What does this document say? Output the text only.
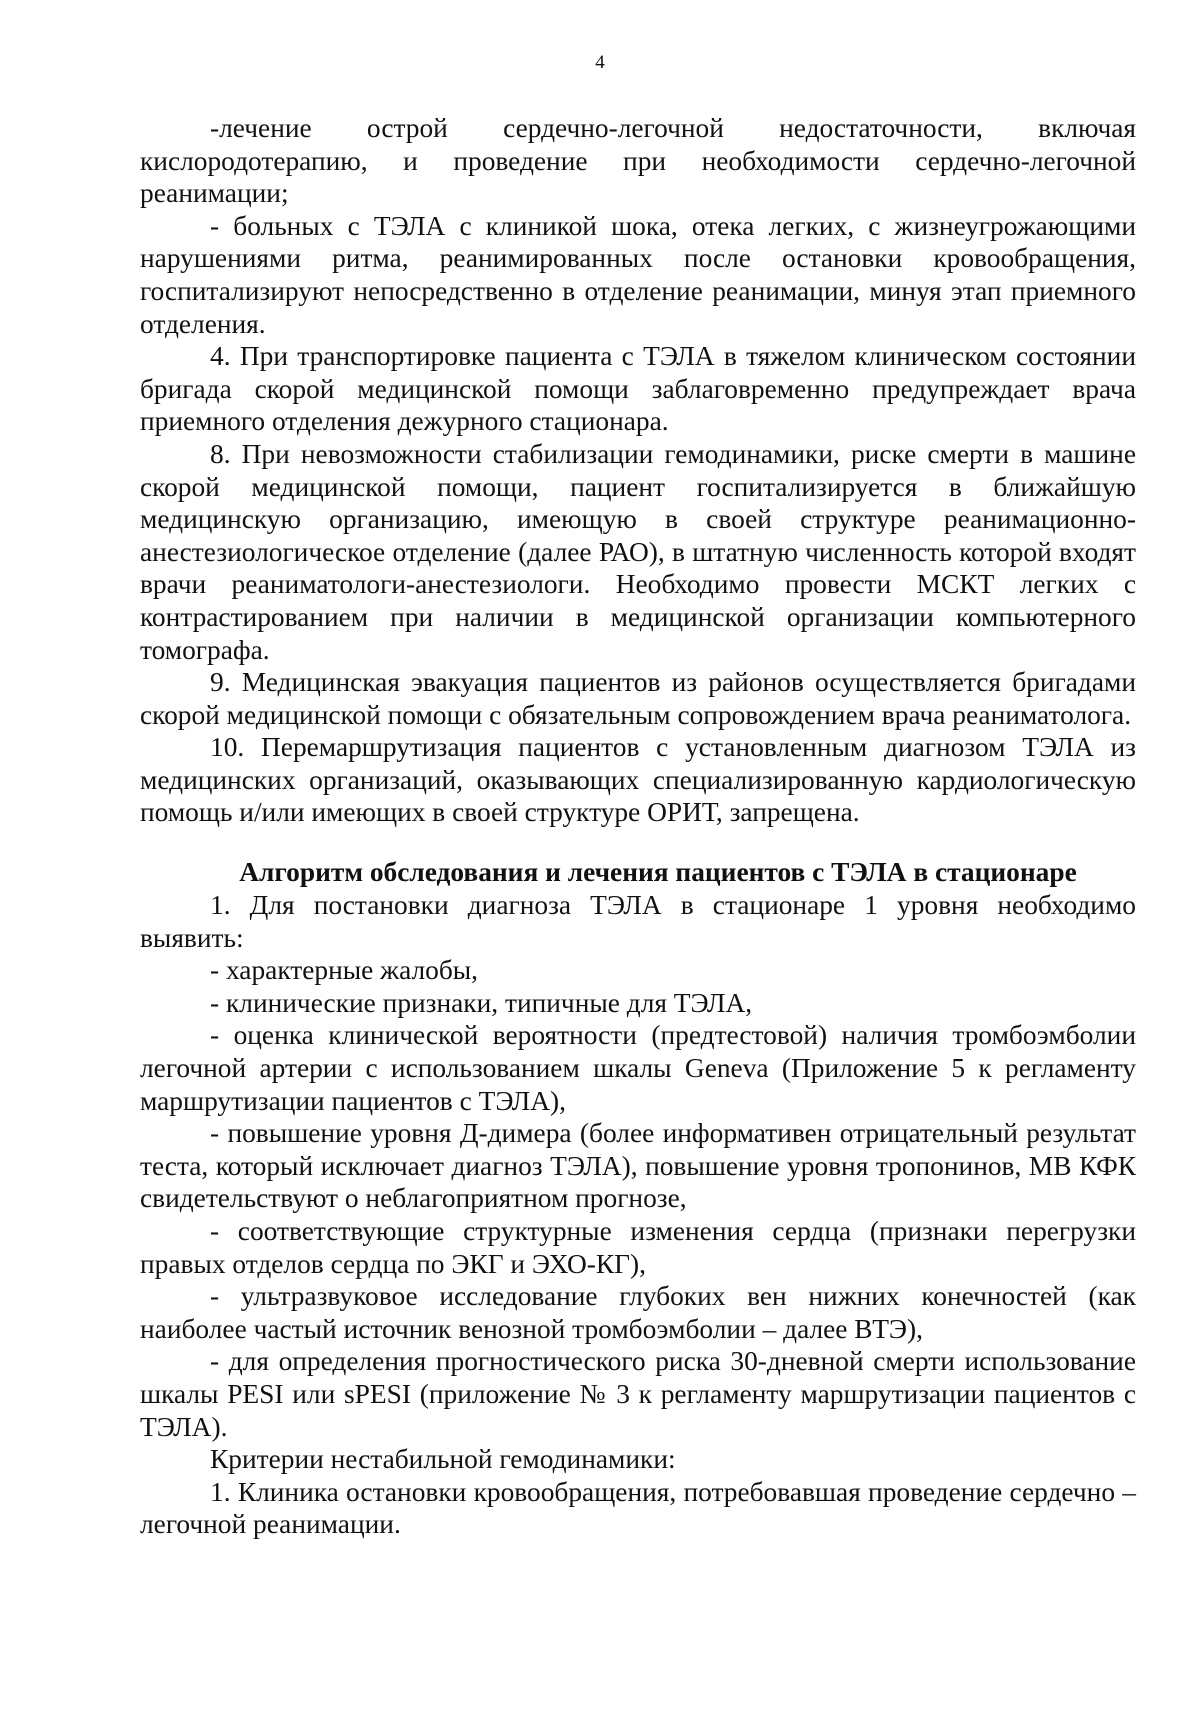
4

-лечение острой сердечно-легочной недостаточности, включая кислородотерапию, и проведение при необходимости сердечно-легочной реанимации;

- больных с ТЭЛА с клиникой шока, отека легких, с жизнеугрожающими нарушениями ритма, реанимированных после остановки кровообращения, госпитализируют непосредственно в отделение реанимации, минуя этап приемного отделения.

4. При транспортировке пациента с ТЭЛА в тяжелом клиническом состоянии бригада скорой медицинской помощи заблаговременно предупреждает врача приемного отделения дежурного стационара.

8. При невозможности стабилизации гемодинамики, риске смерти в машине скорой медицинской помощи, пациент госпитализируется в ближайшую медицинскую организацию, имеющую в своей структуре реанимационно-анестезиологическое отделение (далее РАО), в штатную численность которой входят врачи реаниматологи-анестезиологи. Необходимо провести МСКТ легких с контрастированием при наличии в медицинской организации компьютерного томографа.

9. Медицинская эвакуация пациентов из районов осуществляется бригадами скорой медицинской помощи с обязательным сопровождением врача реаниматолога.

10. Перемаршрутизация пациентов с установленным диагнозом ТЭЛА из медицинских организаций, оказывающих специализированную кардиологическую помощь и/или имеющих в своей структуре ОРИТ, запрещена.

Алгоритм обследования и лечения пациентов с ТЭЛА в стационаре

1. Для постановки диагноза ТЭЛА в стационаре 1 уровня необходимо выявить:

- характерные жалобы,

- клинические признаки, типичные для ТЭЛА,

- оценка клинической вероятности (предтестовой) наличия тромбоэмболии легочной артерии с использованием шкалы Geneva (Приложение 5 к регламенту маршрутизации пациентов с ТЭЛА),

- повышение уровня Д-димера (более информативен отрицательный результат теста, который исключает диагноз ТЭЛА), повышение уровня тропонинов, МВ КФК свидетельствуют о неблагоприятном прогнозе,

- соответствующие структурные изменения сердца (признаки перегрузки правых отделов сердца по ЭКГ и ЭХО-КГ),

- ультразвуковое исследование глубоких вен нижних конечностей (как наиболее частый источник венозной тромбоэмболии – далее ВТЭ),

- для определения прогностического риска 30-дневной смерти использование шкалы PESI или sPESI (приложение № 3 к регламенту маршрутизации пациентов с ТЭЛА).

Критерии нестабильной гемодинамики:

1. Клиника остановки кровообращения, потребовавшая проведение сердечно – легочной реанимации.
